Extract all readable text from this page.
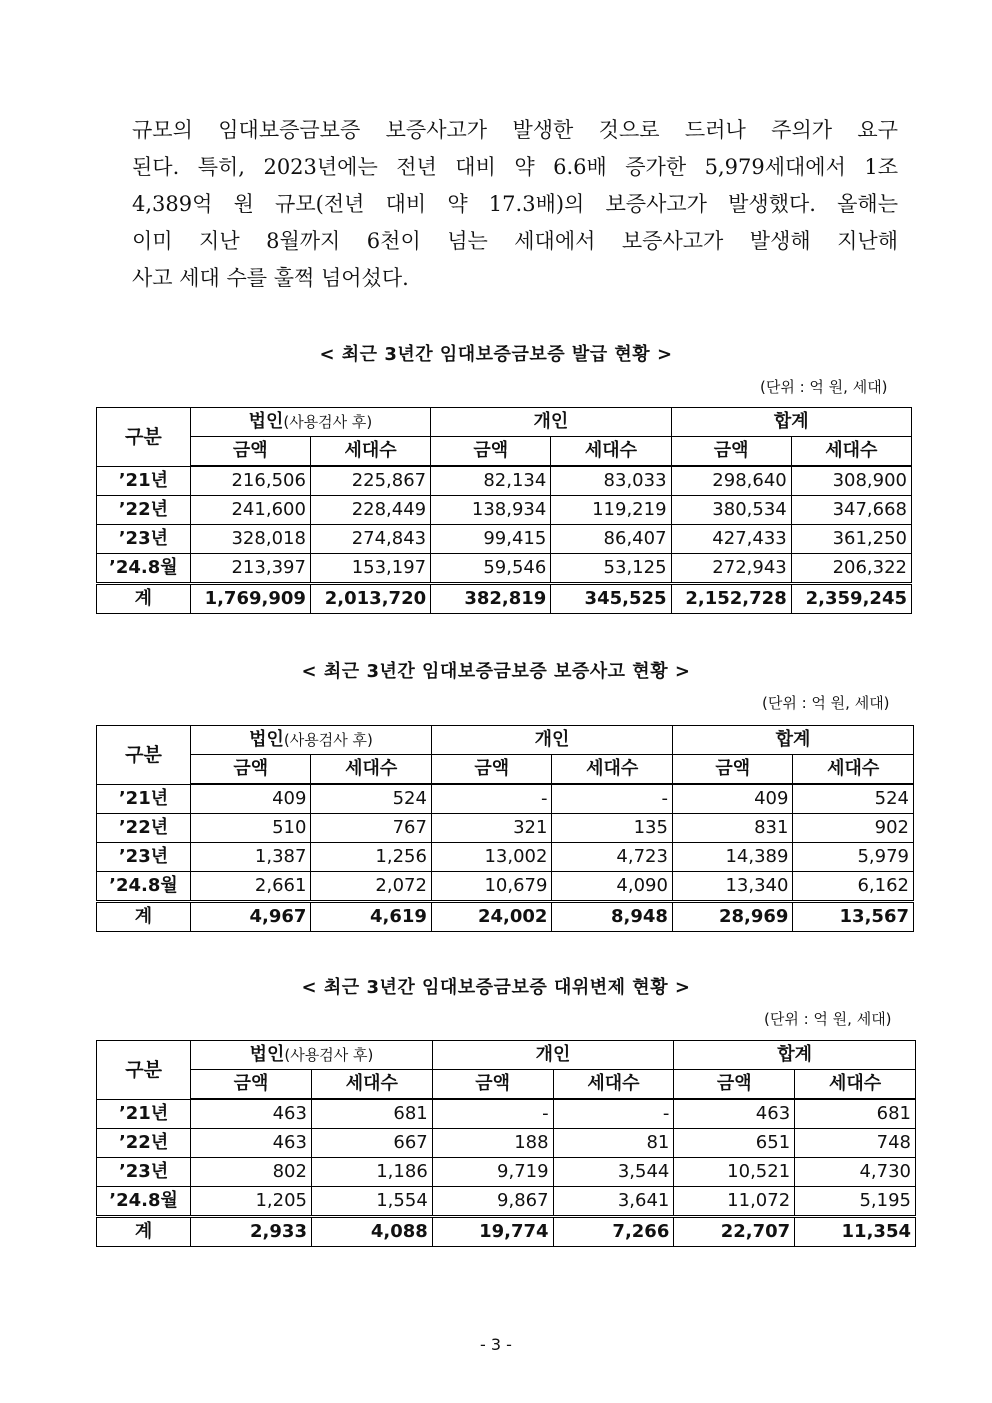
규모의 임대보증금보증 보증사고가 발생한 것으로 드러나 주의가 요구
된다. 특히, 2023년에는 전년 대비 약 6.6배 증가한 5,979세대에서 1조
4,389억 원 규모(전년 대비 약 17.3배)의 보증사고가 발생했다. 올해는
이미 지난 8월까지 6천이 넘는 세대에서 보증사고가 발생해 지난해
사고 세대 수를 훌쩍 넘어섰다.

< 최근 3년간 임대보증금보증 발급 현황 >

(단위 : 억 원, 세대)

구분	법인(사용검사 후)		개인		합계	
	금액	세대수	금액	세대수	금액	세대수
’21년	216,506	225,867	82,134	83,033	298,640	308,900
’22년	241,600	228,449	138,934	119,219	380,534	347,668
’23년	328,018	274,843	99,415	86,407	427,433	361,250
’24.8월	213,397	153,197	59,546	53,125	272,943	206,322
계	1,769,909	2,013,720	382,819	345,525	2,152,728	2,359,245

< 최근 3년간 임대보증금보증 보증사고 현황 >

(단위 : 억 원, 세대)

구분	법인(사용검사 후)		개인		합계	
	금액	세대수	금액	세대수	금액	세대수
’21년	409	524	-	-	409	524
’22년	510	767	321	135	831	902
’23년	1,387	1,256	13,002	4,723	14,389	5,979
’24.8월	2,661	2,072	10,679	4,090	13,340	6,162
계	4,967	4,619	24,002	8,948	28,969	13,567

< 최근 3년간 임대보증금보증 대위변제 현황 >

(단위 : 억 원, 세대)

구분	법인(사용검사 후)		개인		합계	
	금액	세대수	금액	세대수	금액	세대수
’21년	463	681	-	-	463	681
’22년	463	667	188	81	651	748
’23년	802	1,186	9,719	3,544	10,521	4,730
’24.8월	1,205	1,554	9,867	3,641	11,072	5,195
계	2,933	4,088	19,774	7,266	22,707	11,354

- 3 -
